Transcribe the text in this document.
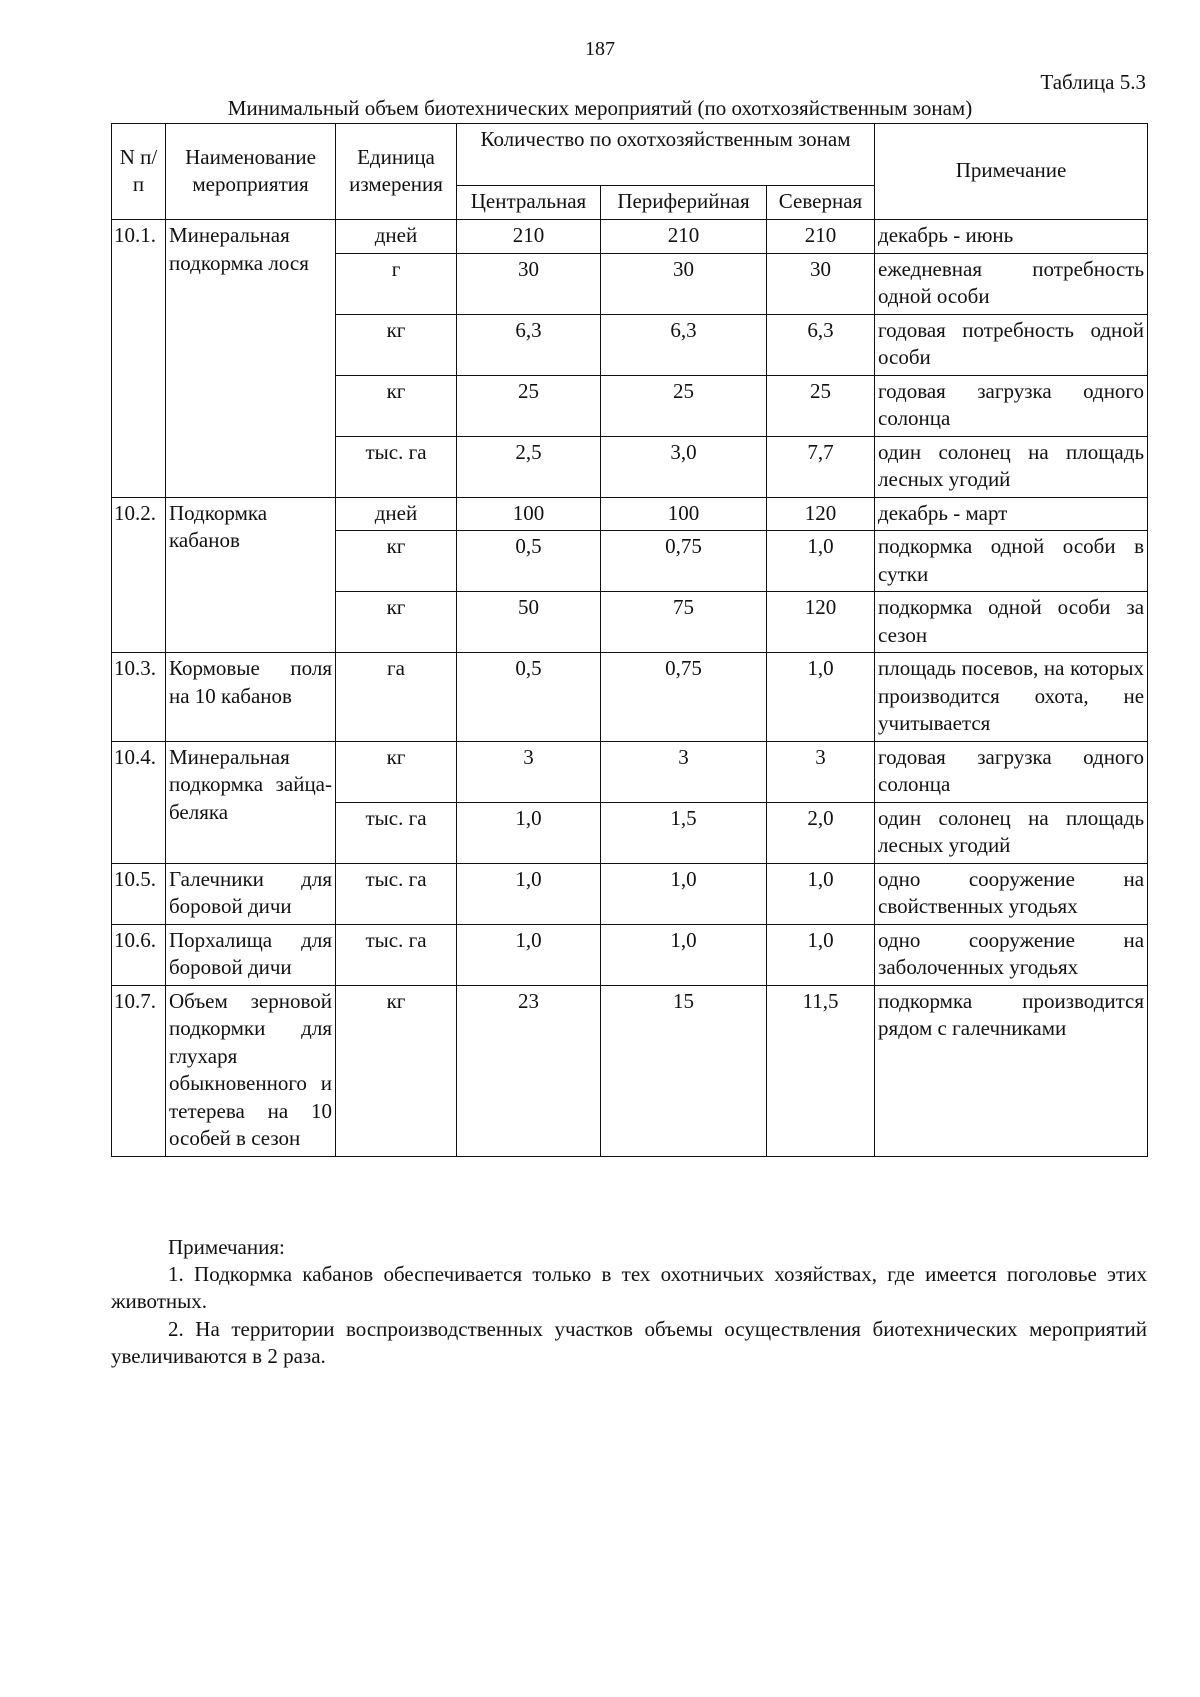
187
Таблица 5.3
Минимальный объем биотехнических мероприятий (по охотхозяйственным зонам)
N п/п	Наименование мероприятия	Единица измерения	Количество по охотхозяйственным зонам			Примечание
			Центральная	Периферийная	Северная	
10.1.	Минеральная подкормка лося	дней	210	210	210	декабрь - июнь
		г	30	30	30	ежедневная потребность одной особи
		кг	6,3	6,3	6,3	годовая потребность одной особи
		кг	25	25	25	годовая загрузка одного солонца
		тыс. га	2,5	3,0	7,7	один солонец на площадь лесных угодий
10.2.	Подкормка кабанов	дней	100	100	120	декабрь - март
		кг	0,5	0,75	1,0	подкормка одной особи в сутки
		кг	50	75	120	подкормка одной особи за сезон
10.3.	Кормовые поля на 10 кабанов	га	0,5	0,75	1,0	площадь посевов, на которых производится охота, не учитывается
10.4.	Минеральная подкормка зайца-беляка	кг	3	3	3	годовая загрузка одного солонца
		тыс. га	1,0	1,5	2,0	один солонец на площадь лесных угодий
10.5.	Галечники для боровой дичи	тыс. га	1,0	1,0	1,0	одно сооружение на свойственных угодьях
10.6.	Порхалища для боровой дичи	тыс. га	1,0	1,0	1,0	одно сооружение на заболоченных угодьях
10.7.	Объем зерновой подкормки для глухаря обыкновенного и тетерева на 10 особей в сезон	кг	23	15	11,5	подкормка производится рядом с галечниками
Примечания:

1. Подкормка кабанов обеспечивается только в тех охотничьих хозяйствах, где имеется поголовье этих животных.

2. На территории воспроизводственных участков объемы осуществления биотехнических мероприятий увеличиваются в 2 раза.
